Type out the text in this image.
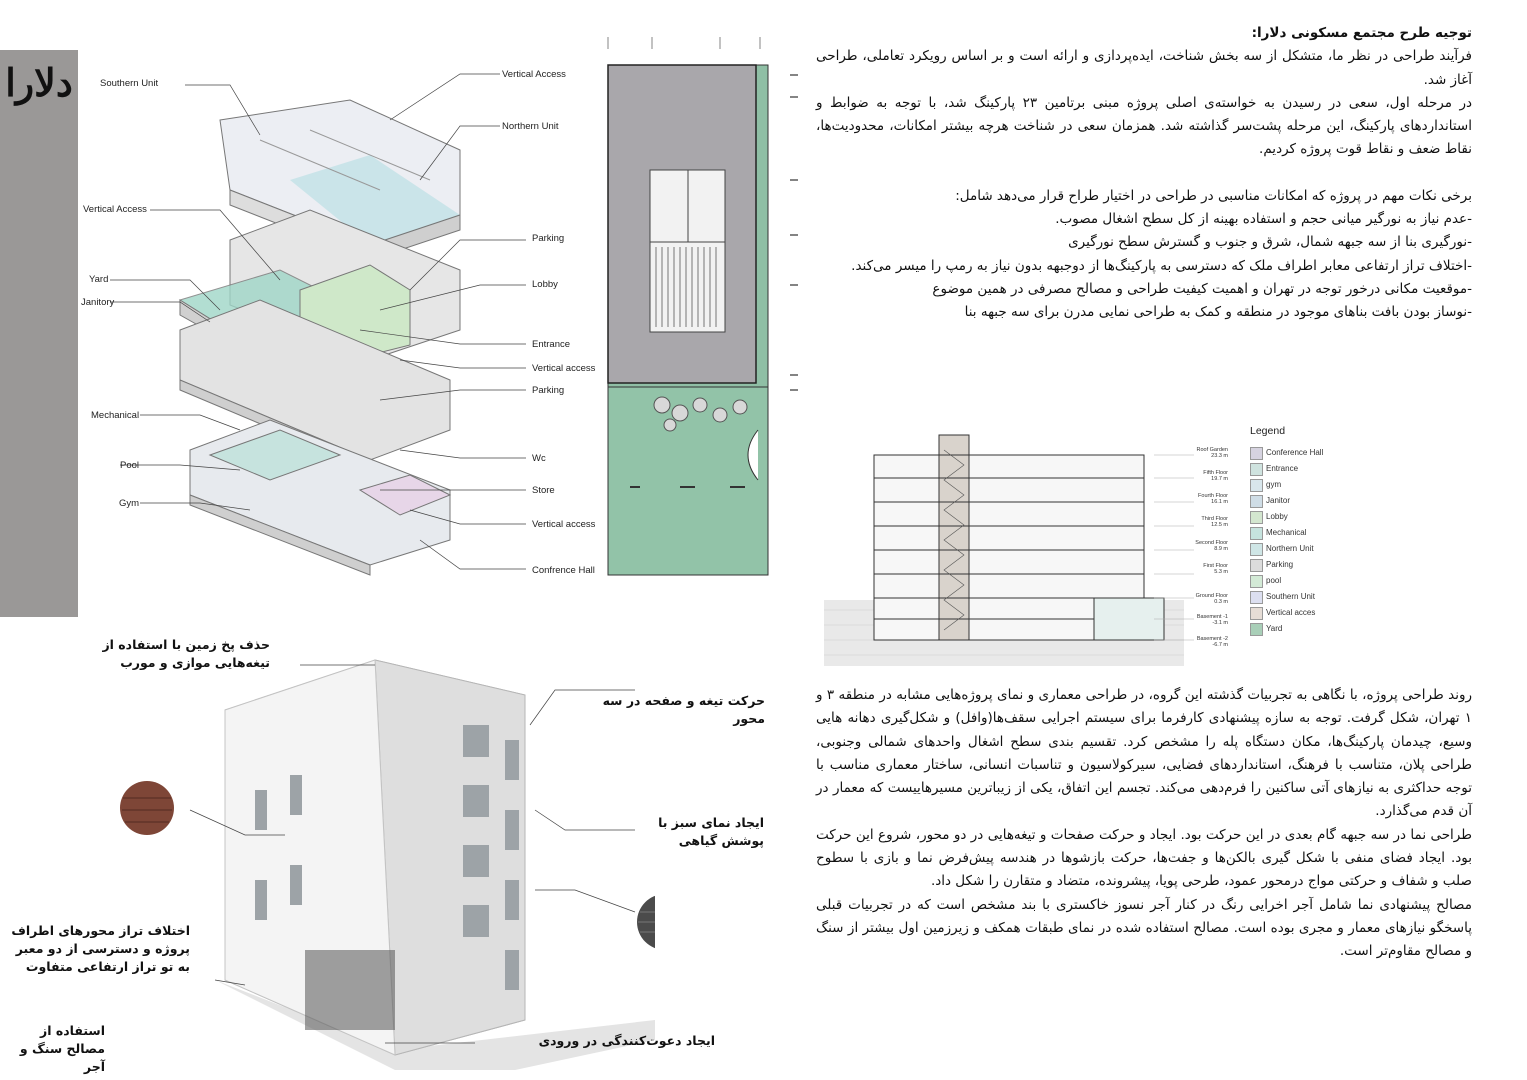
دلارا	Southern Unit
Vertical Access
Northern Unit
Vertical Access
Parking
Yard
Janitory
Lobby
Entrance
Vertical access
Parking
Mechanical
Wc
Pool
Store
Gym
Vertical access
Confrence Hall

توجیه طرح مجتمع مسکونی دلارا:

فرآیند طراحی در نظر ما، متشکل از سه بخش شناخت، ایده‌پردازی و ارائه است و بر اساس رویکرد تعاملی، طراحی آغاز شد.

در مرحله اول، سعی در رسیدن به خواسته‌ی اصلی پروژه مبنی برتامین ۲۳ پارکینگ شد، با توجه به ضوابط و استانداردهای پارکینگ، این مرحله پشت‌سر گذاشته شد. همزمان سعی در شناخت هرچه بیشتر امکانات، محدودیت‌ها، نقاط ضعف و نقاط قوت پروژه کردیم.

برخی نکات مهم در پروژه که امکانات مناسبی در طراحی در اختیار طراح قرار می‌دهد شامل:

-عدم نیاز به نورگیر میانی حجم و استفاده بهینه از کل سطح اشغال مصوب.

-نورگیری بنا از سه جبهه شمال، شرق و جنوب و گسترش سطح نورگیری

-اختلاف تراز ارتفاعی معابر اطراف ملک که دسترسی به پارکینگ‌ها از دوجبهه بدون نیاز به رمپ را میسر می‌کند.

-موقعیت مکانی درخور توجه در تهران و اهمیت کیفیت طراحی و مصالح مصرفی در همین موضوع

-نوساز بودن بافت بناهای موجود در منطقه و کمک به طراحی نمایی مدرن برای سه جبهه بنا

Roof Garden
23.3 m
Fifth Floor
19.7 m
Fourth Floor
16.1 m
Third Floor
12.5 m
Second Floor
8.9 m
First Floor
5.3 m
Ground Floor
0.3 m
Basement -1
-3.1 m
Basement -2
-6.7 m
Legend
Conference Hall
Entrance
gym
Janitor
Lobby
Mechanical
Northern Unit
Parking
pool
Southern Unit
Vertical acces
Yard

روند طراحی پروژه، با نگاهی به تجربیات گذشته این گروه، در طراحی معماری و نمای پروژه‌هایی مشابه در منطقه ۳ و ۱ تهران، شکل گرفت. توجه به سازه پیشنهادی کارفرما برای سیستم اجرایی سقف‌ها(وافل) و شکل‌گیری دهانه هایی وسیع، چیدمان پارکینگ‌ها، مکان دستگاه پله را مشخص کرد. تقسیم بندی سطح اشغال واحدهای شمالی وجنوبی، طراحی پلان، متناسب با فرهنگ، استانداردهای فضایی، سیرکولاسیون و تناسبات انسانی، ساختار معماری مناسب با توجه حداکثری به نیازهای آتی ساکنین را فرم‌دهی می‌کند. تجسم این اتفاق، یکی از زیباترین مسیرهاییست که معمار در آن قدم می‌گذارد.

طراحی نما در سه جبهه گام بعدی در این حرکت بود. ایجاد و حرکت صفحات و تیغه‌هایی در دو محور، شروع این حرکت بود. ایجاد فضای منفی با شکل گیری بالکن‌ها و جفت‌ها، حرکت بازشوها در هندسه پیش‌فرض نما و بازی با سطوح صلب و شفاف و حرکتی مواج درمحور عمود، طرحی پویا، پیشرونده، متضاد و متقارن را شکل داد.

مصالح پیشنهادی نما شامل آجر اخرایی رنگ در کنار آجر نسوز خاکستری با بند مشخص است که در تجربیات قبلی پاسخگو نیازهای معمار و مجری بوده است. مصالح استفاده شده در نمای طبقات همکف و زیرزمین اول بیشتر از سنگ و مصالح مقاوم‌تر است.

حذف پخ زمین با استفاده از تیغه‌هایی موازی و مورب
حرکت تیغه و صفحه در سه محور
ایجاد نمای سبز با پوشش گیاهی
اختلاف تراز محورهای اطراف پروژه و دسترسی از دو معبر به تو تراز ارتفاعی متفاوت
استفاده از مصالح سنگ و آجر
ایجاد دعوت‌کنندگی در ورودی
TARHSTARH ©
ALL RIGHT RESERVED
